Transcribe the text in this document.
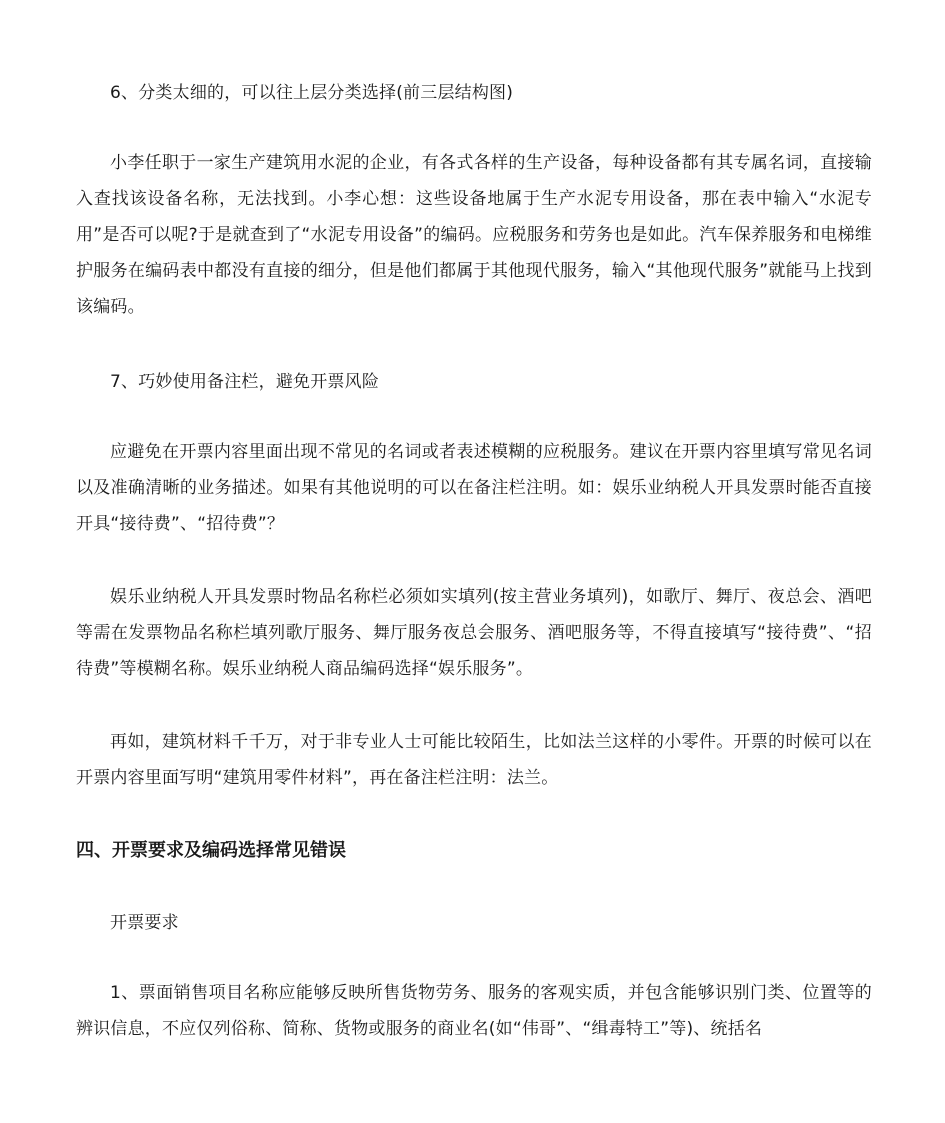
6、分类太细的，可以往上层分类选择(前三层结构图)

小李任职于一家生产建筑用水泥的企业，有各式各样的生产设备，每种设备都有其专属名词，直接输入查找该设备名称，无法找到。小李心想：这些设备地属于生产水泥专用设备，那在表中输入“水泥专用”是否可以呢?于是就查到了“水泥专用设备”的编码。应税服务和劳务也是如此。汽车保养服务和电梯维护服务在编码表中都没有直接的细分，但是他们都属于其他现代服务，输入“其他现代服务”就能马上找到该编码。

7、巧妙使用备注栏，避免开票风险

应避免在开票内容里面出现不常见的名词或者表述模糊的应税服务。建议在开票内容里填写常见名词以及准确清晰的业务描述。如果有其他说明的可以在备注栏注明。如：娱乐业纳税人开具发票时能否直接开具“接待费”、“招待费”？

娱乐业纳税人开具发票时物品名称栏必须如实填列(按主营业务填列)，如歌厅、舞厅、夜总会、酒吧等需在发票物品名称栏填列歌厅服务、舞厅服务夜总会服务、酒吧服务等，不得直接填写“接待费”、“招待费”等模糊名称。娱乐业纳税人商品编码选择“娱乐服务”。

再如，建筑材料千千万，对于非专业人士可能比较陌生，比如法兰这样的小零件。开票的时候可以在开票内容里面写明“建筑用零件材料”，再在备注栏注明：法兰。

四、开票要求及编码选择常见错误

开票要求

1、票面销售项目名称应能够反映所售货物劳务、服务的客观实质，并包含能够识别门类、位置等的辨识信息，不应仅列俗称、简称、货物或服务的商业名(如“伟哥”、“缉毒特工”等)、统括名
